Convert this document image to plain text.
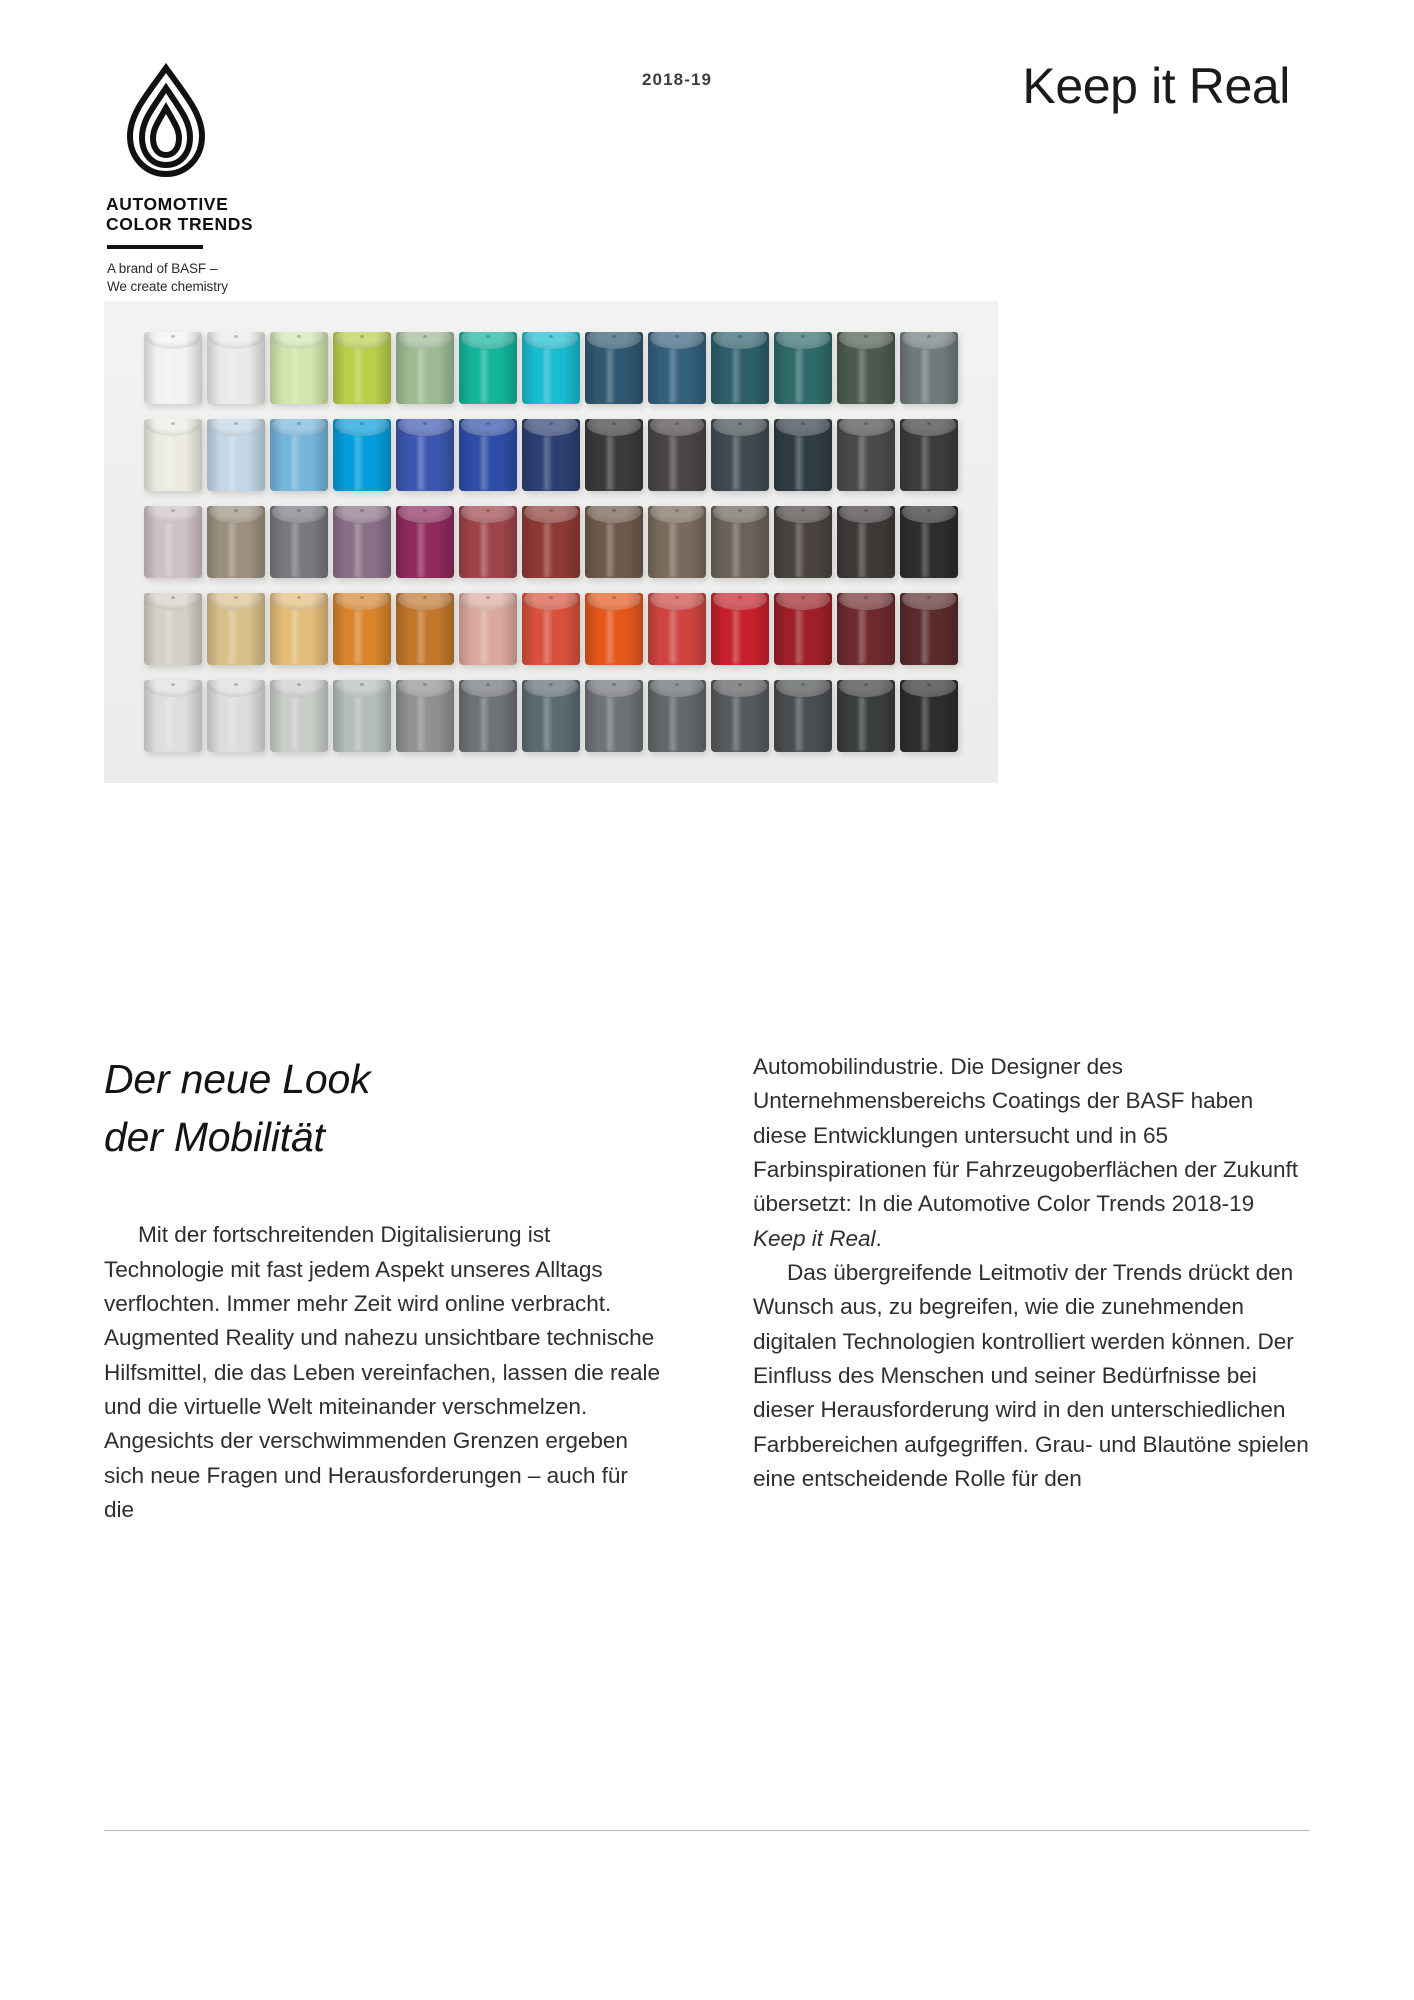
AUTOMOTIVE
COLOR TRENDS
A brand of BASF –
We create chemistry
2018-19	Keep it Real
Der neue Look
der Mobilität

Mit der fortschreitenden Digitalisierung ist Technologie mit fast jedem Aspekt unseres Alltags verflochten. Immer mehr Zeit wird online verbracht. Augmented Reality und nahezu unsichtbare technische Hilfsmittel, die das Leben vereinfachen, lassen die reale und die virtuelle Welt miteinander verschmelzen. Angesichts der verschwimmenden Grenzen ergeben sich neue Fragen und Herausforderungen – auch für die

Automobilindustrie. Die Designer des Unternehmensbereichs Coatings der BASF haben diese Entwicklungen untersucht und in 65 Farbinspirationen für Fahrzeugoberflächen der Zukunft übersetzt: In die Automotive Color Trends 2018-19 Keep it Real.
Das übergreifende Leitmotiv der Trends drückt den Wunsch aus, zu begreifen, wie die zunehmenden digitalen Technologien kontrolliert werden können. Der Einfluss des Menschen und seiner Bedürfnisse bei dieser Herausforderung wird in den unterschiedlichen Farbbereichen aufgegriffen. Grau- und Blautöne spielen eine entscheidende Rolle für den
